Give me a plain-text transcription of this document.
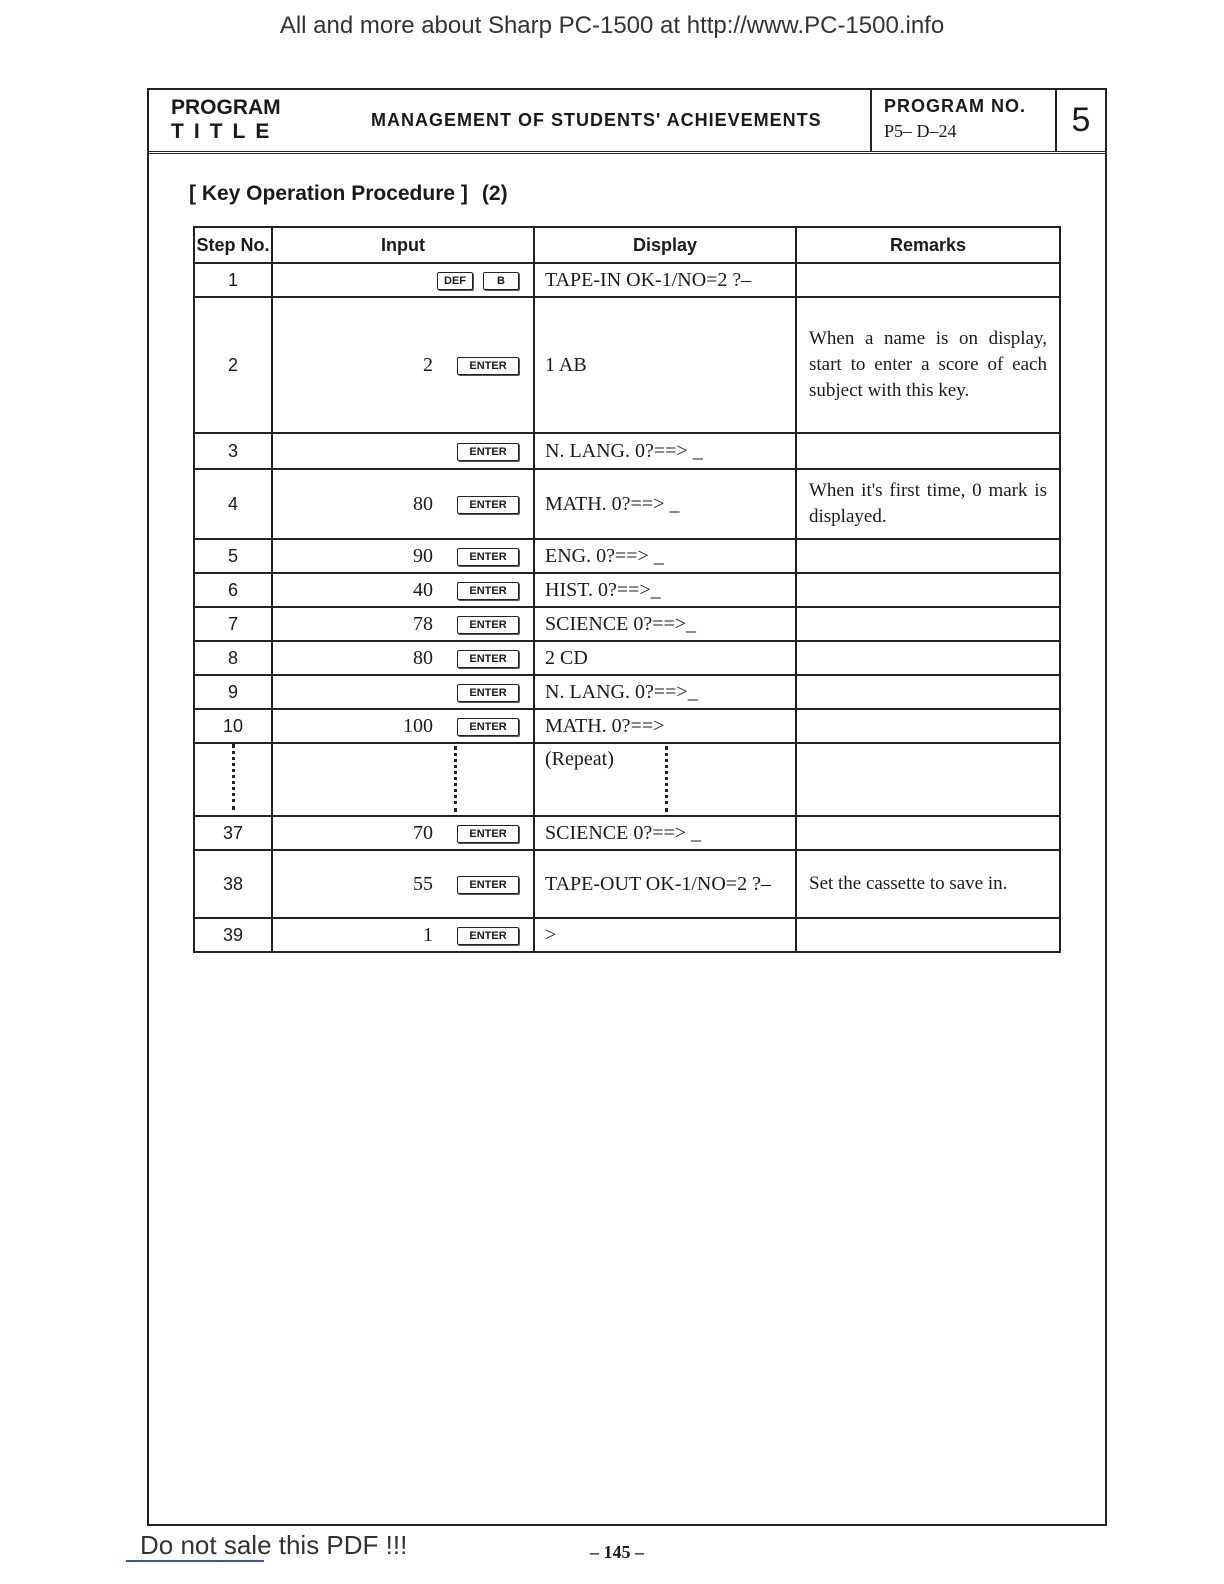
All and more about Sharp PC-1500 at http://www.PC-1500.info
PROGRAM
TITLE	MANAGEMENT OF STUDENTS' ACHIEVEMENTS
PROGRAM NO.
P5– D–24	5
[ Key Operation Procedure ] (2)
Step No.	Input	Display	Remarks
1	DEF B	TAPE-IN OK-1/NO=2 ?–	
2	2 ENTER	1 AB	When a name is on display, start to enter a score of each subject with this key.
3	ENTER	N. LANG. 0?==> _	
4	80 ENTER	MATH. 0?==> _	When it's first time, 0 mark is displayed.
5	90 ENTER	ENG. 0?==> _	
6	40 ENTER	HIST. 0?==>_	
7	78 ENTER	SCIENCE 0?==>_	
8	80 ENTER	2 CD	
9	ENTER	N. LANG. 0?==>_	
10	100 ENTER	MATH. 0?==>	

		(Repeat)	

37	70 ENTER	SCIENCE 0?==> _	
38	55 ENTER	TAPE-OUT OK-1/NO=2 ?–	Set the cassette to save in.
39	1 ENTER	>	
Do not sale this PDF !!!	– 145 –
